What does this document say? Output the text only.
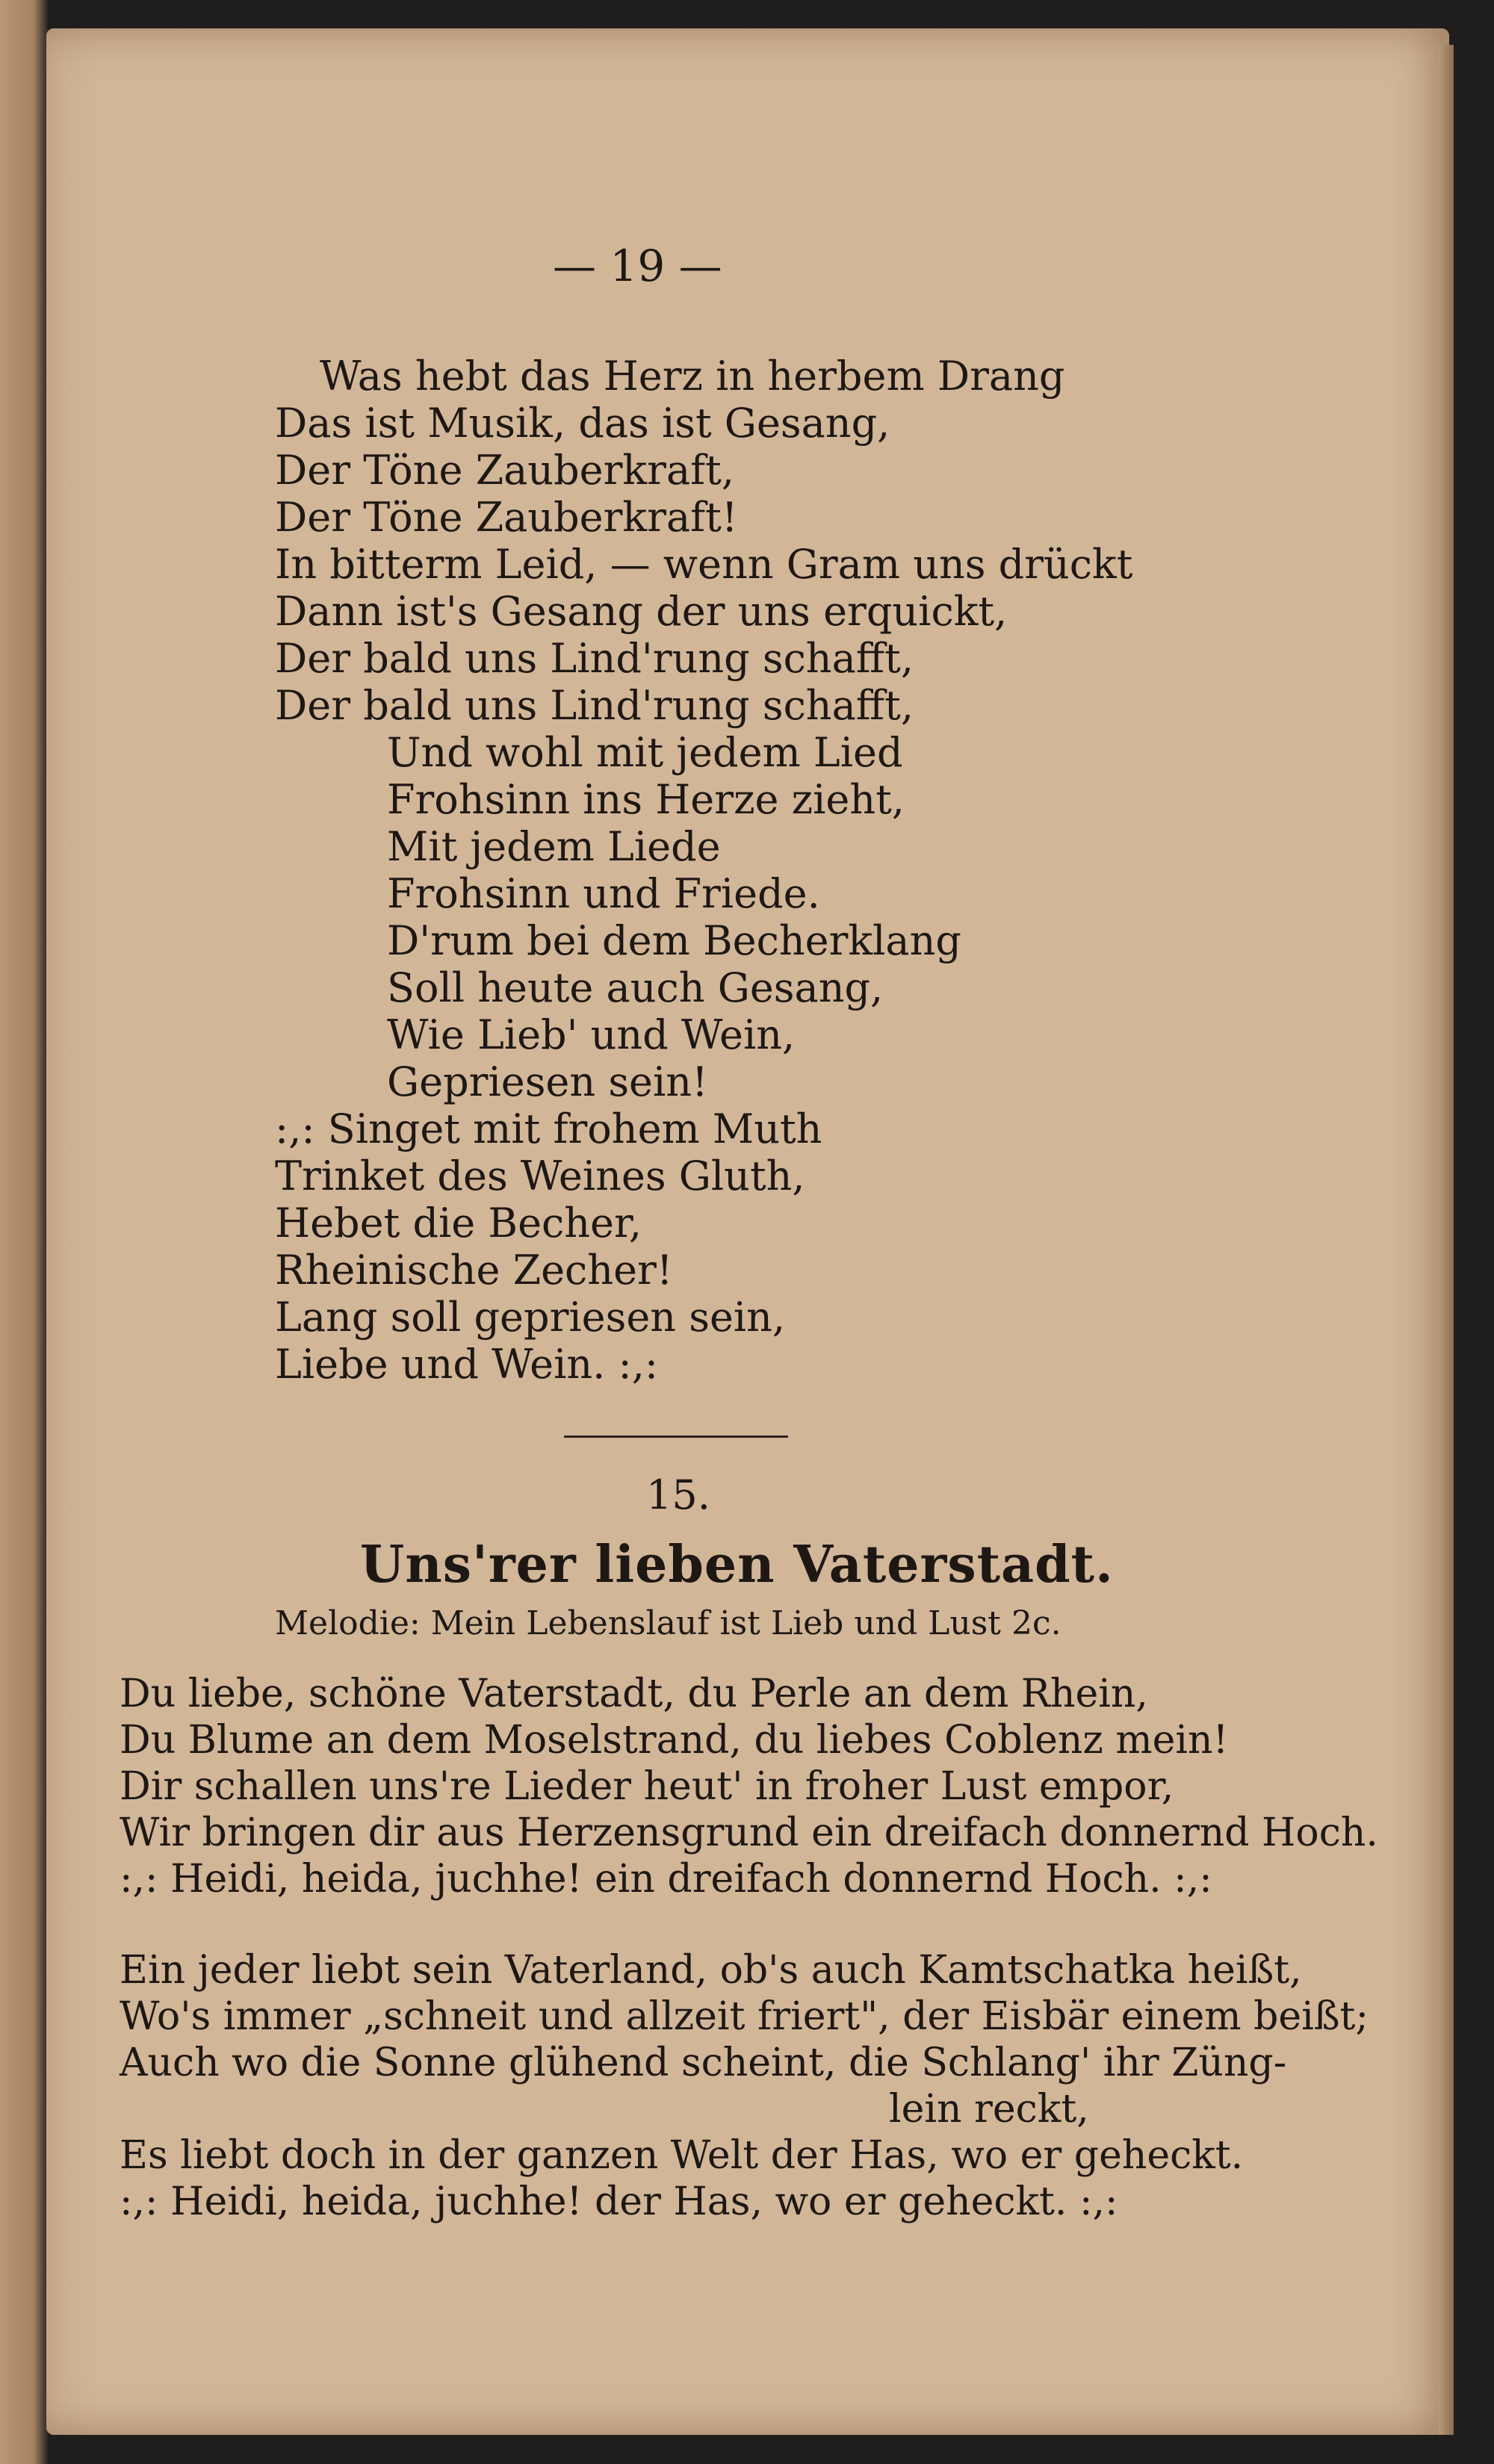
— 19 —
Was hebt das Herz in herbem Drang
Das ist Musik, das ist Gesang,
Der Töne Zauberkraft,
Der Töne Zauberkraft!
In bitterm Leid, — wenn Gram uns drückt
Dann ist's Gesang der uns erquickt,
Der bald uns Lind'rung schafft,
Der bald uns Lind'rung schafft,
Und wohl mit jedem Lied
Frohsinn ins Herze zieht,
Mit jedem Liede
Frohsinn und Friede.
D'rum bei dem Becherklang
Soll heute auch Gesang,
Wie Lieb' und Wein,
Gepriesen sein!
:,: Singet mit frohem Muth
Trinket des Weines Gluth,
Hebet die Becher,
Rheinische Zecher!
Lang soll gepriesen sein,
Liebe und Wein. :,:
15.
Uns'rer lieben Vaterstadt.
Melodie: Mein Lebenslauf ist Lieb und Lust 2c.
Du liebe, schöne Vaterstadt, du Perle an dem Rhein,
Du Blume an dem Moselstrand, du liebes Coblenz mein!
Dir schallen uns're Lieder heut' in froher Lust empor,
Wir bringen dir aus Herzensgrund ein dreifach donnernd Hoch.
:,: Heidi, heida, juchhe! ein dreifach donnernd Hoch. :,:
Ein jeder liebt sein Vaterland, ob's auch Kamtschatka heißt,
Wo's immer „schneit und allzeit friert", der Eisbär einem beißt;
Auch wo die Sonne glühend scheint, die Schlang' ihr Züng-
lein reckt,
Es liebt doch in der ganzen Welt der Has, wo er geheckt.
:,: Heidi, heida, juchhe! der Has, wo er geheckt. :,:
